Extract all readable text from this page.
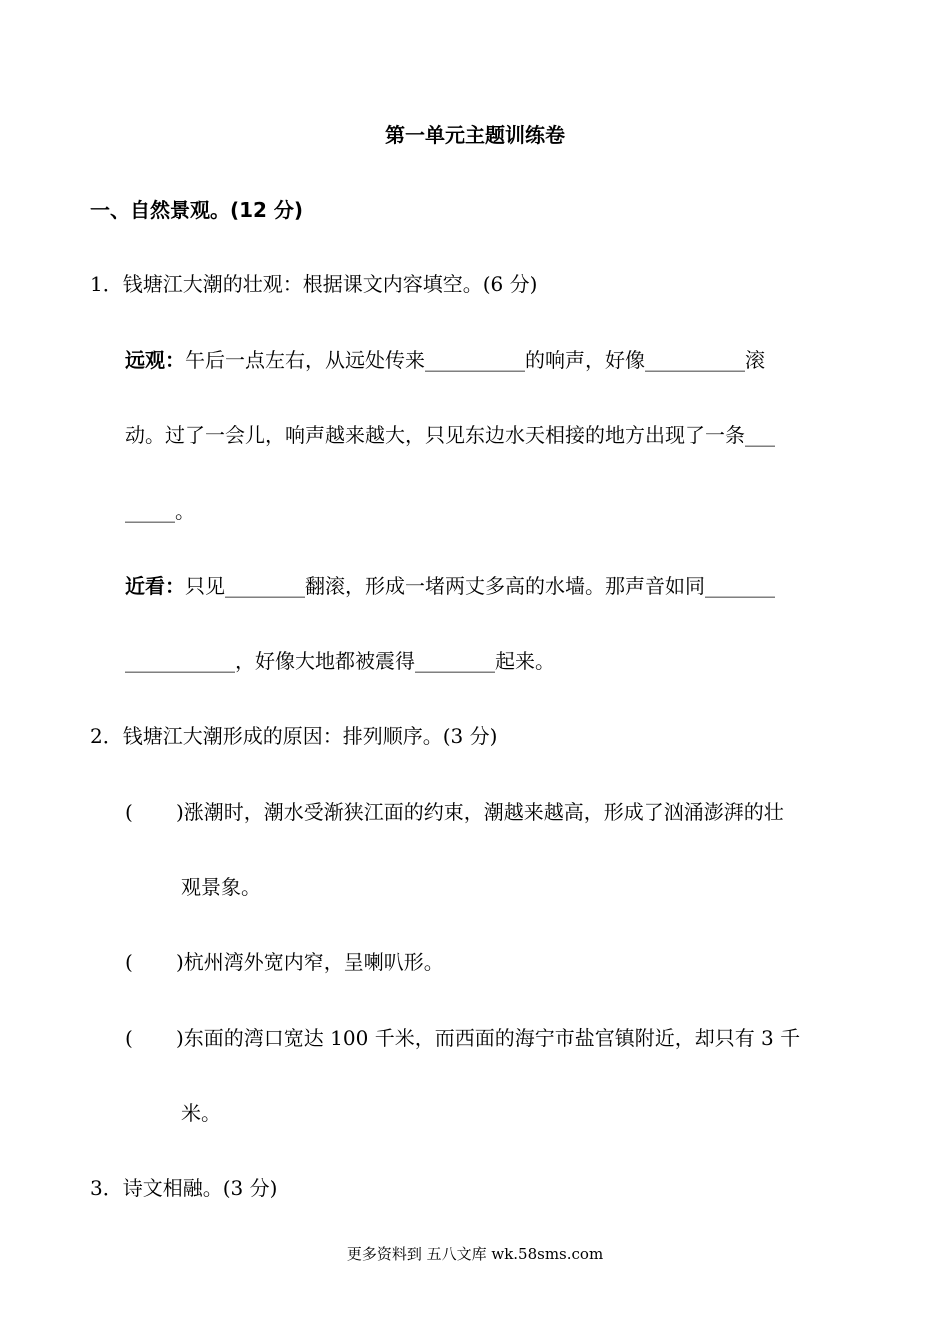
第一单元主题训练卷
一、自然景观。(12 分)
1．钱塘江大潮的壮观：根据课文内容填空。(6 分)
远观：午后一点左右，从远处传来__________的响声，好像__________滚
动。过了一会儿，响声越来越大，只见东边水天相接的地方出现了一条___
_____。
近看：只见________翻滚，形成一堵两丈多高的水墙。那声音如同_______
___________，好像大地都被震得________起来。
2．钱塘江大潮形成的原因：排列顺序。(3 分)
( )涨潮时，潮水受渐狭江面的约束，潮越来越高，形成了汹涌澎湃的壮
观景象。
( )杭州湾外宽内窄，呈喇叭形。
( )东面的湾口宽达 100 千米，而西面的海宁市盐官镇附近，却只有 3 千
米。
3．诗文相融。(3 分)
更多资料到 五八文库 wk.58sms.com
